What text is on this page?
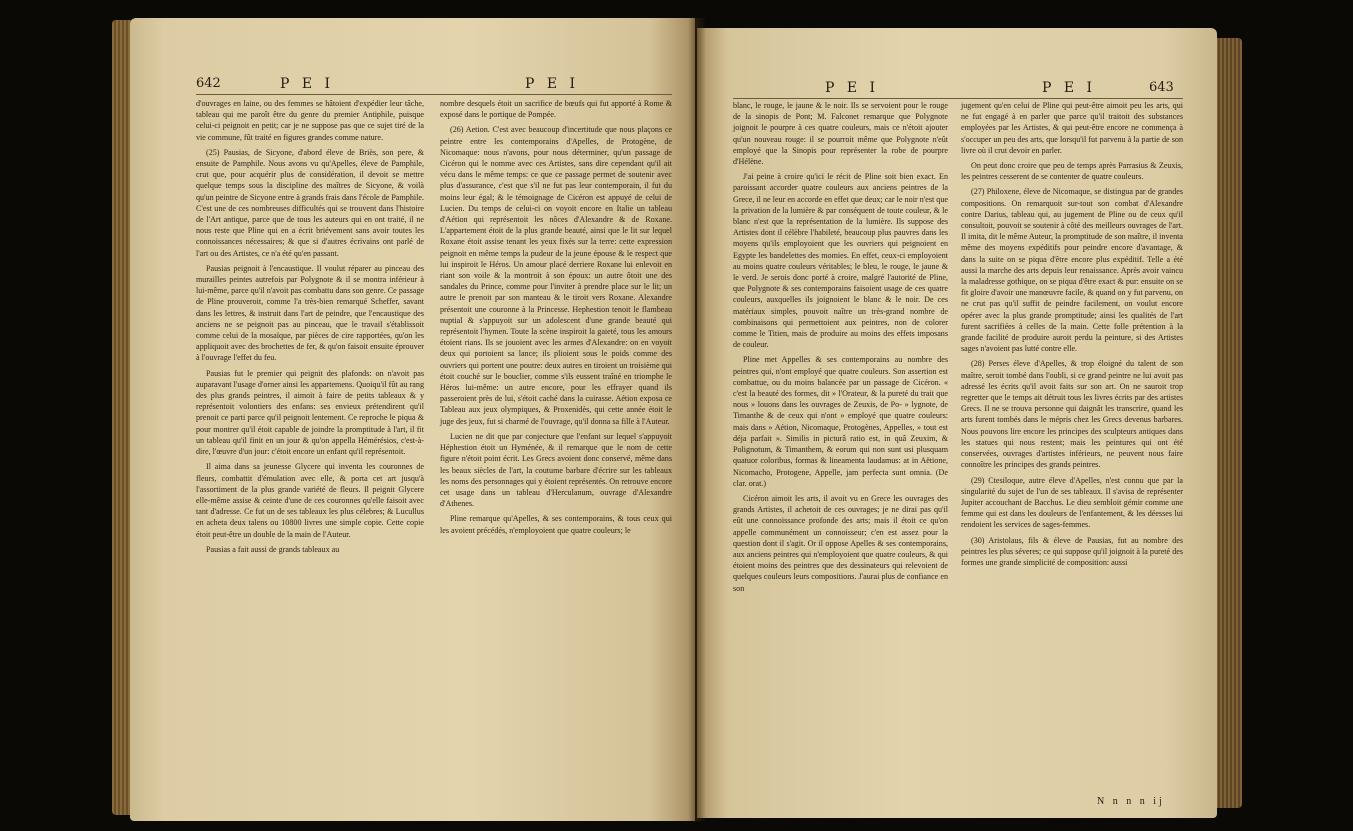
642	P E I	P E I

d'ouvrages en laine, ou des femmes se hâtoient d'expédier leur tâche, tableau qui me paroît être du genre du premier Antiphile, puisque celui-ci peignoit en petit; car je ne suppose pas que ce sujet tiré de la vie commune, fût traité en figures grandes comme nature.

(25) Pausias, de Sicyone, d'abord éleve de Briès, son pere, & ensuite de Pamphile. Nous avons vu qu'Apelles, éleve de Pamphile, crut que, pour acquérir plus de considération, il devoit se mettre quelque temps sous la discipline des maîtres de Sicyone, & voilà qu'un peintre de Sicyone entre à grands frais dans l'école de Pamphile. C'est une de ces nombreuses difficultés qui se trouvent dans l'histoire de l'Art antique, parce que de tous les auteurs qui en ont traité, il ne nous reste que Pline qui en a écrit briévement sans avoir toutes les connoissances nécessaires; & que si d'autres écrivains ont parlé de l'art ou des Artistes, ce n'a été qu'en passant.

Pausias peignoit à l'encaustique. Il voulut réparer au pinceau des murailles peintes autrefois par Polygnote & il se montra inférieur à lui-même, parce qu'il n'avoit pas combattu dans son genre. Ce passage de Pline prouveroit, comme l'a très-bien remarqué Scheffer, savant dans les lettres, & instruit dans l'art de peindre, que l'encaustique des anciens ne se peignoit pas au pinceau, que le travail s'établissoit comme celui de la mosaïque, par pièces de cire rapportées, qu'on les appliquoit avec des brochettes de fer, & qu'on faisoit ensuite éprouver à l'ouvrage l'effet du feu.

Pausias fut le premier qui peignit des plafonds: on n'avoit pas auparavant l'usage d'orner ainsi les appartemens. Quoiqu'il fût au rang des plus grands peintres, il aimoit à faire de petits tableaux & y représentoit volontiers des enfans: ses envieux prétendirent qu'il prenoit ce parti parce qu'il peignoit lentement. Ce reproche le piqua & pour montrer qu'il étoit capable de joindre la promptitude à l'art, il fit un tableau qu'il finit en un jour & qu'on appella Hémérésios, c'est-à-dire, l'œuvre d'un jour: c'étoit encore un enfant qu'il représentoit.

Il aima dans sa jeunesse Glycere qui inventa les couronnes de fleurs, combattit d'émulation avec elle, & porta cet art jusqu'à l'assortiment de la plus grande variété de fleurs. Il peignit Glycere elle-même assise & ceinte d'une de ces couronnes qu'elle faisoit avec tant d'adresse. Ce fut un de ses tableaux les plus célebres; & Lucullus en acheta deux talens ou 10800 livres une simple copie. Cette copie étoit peut-être un double de la main de l'Auteur.

Pausias a fait aussi de grands tableaux au

nombre desquels étoit un sacrifice de bœufs qui fut apporté à Rome & exposé dans le portique de Pompée.

(26) Aetion. C'est avec beaucoup d'incertitude que nous plaçons ce peintre entre les contemporains d'Apelles, de Protogène, de Nicomaque: nous n'avons, pour nous déterminer, qu'un passage de Cicéron qui le nomme avec ces Artistes, sans dire cependant qu'il ait vécu dans le même temps: ce que ce passage permet de soutenir avec plus d'assurance, c'est que s'il ne fut pas leur contemporain, il fut du moins leur égal; & le témoignage de Cicéron est appuyé de celui de Lucien. Du temps de celui-ci on voyoit encore en Italie un tableau d'Aétion qui représentoit les nôces d'Alexandre & de Roxane. L'appartement étoit de la plus grande beauté, ainsi que le lit sur lequel Roxane étoit assise tenant les yeux fixés sur la terre: cette expression peignoit en même temps la pudeur de la jeune épouse & le respect que lui inspiroit le Héros. Un amour placé derriere Roxane lui enlevoit en riant son voile & la montroit à son époux: un autre ôtoit une des sandales du Prince, comme pour l'inviter à prendre place sur le lit; un autre le prenoit par son manteau & le tiroit vers Roxane. Alexandre présentoit une couronne à la Princesse. Hephestion tenoit le flambeau nuptial & s'appuyoit sur un adolescent d'une grande beauté qui représentoit l'hymen. Toute la scène inspiroit la gaieté, tous les amours étoient rians. Ils se jouoient avec les armes d'Alexandre: on en voyoit deux qui portoient sa lance; ils plioient sous le poids comme des ouvriers qui portent une poutre: deux autres en tiroient un troisième qui étoit couché sur le bouclier, comme s'ils eussent traîné en triomphe le Héros lui-même: un autre encore, pour les effrayer quand ils passeroient près de lui, s'étoit caché dans la cuirasse. Aétion exposa ce Tableau aux jeux olympiques, & Proxenidès, qui cette année étoit le juge des jeux, fut si charmé de l'ouvrage, qu'il donna sa fille à l'Auteur.

Lucien ne dit que par conjecture que l'enfant sur lequel s'appuyoit Héphestion étoit un Hyménée, & il remarque que le nom de cette figure n'étoit point écrit. Les Grecs avoient donc conservé, même dans les beaux siècles de l'art, la coutume barbare d'écrire sur les tableaux les noms des personnages qui y étoient représentés. On retrouve encore cet usage dans un tableau d'Herculanum, ouvrage d'Alexandre d'Athenes.

Pline remarque qu'Apelles, & ses contemporains, & tous ceux qui les avoient précédés, n'employoient que quatre couleurs; le

P E I	P E I	643

blanc, le rouge, le jaune & le noir. Ils se servoient pour le rouge de la sinopis de Pont; M. Falconet remarque que Polygnote joignoit le pourpre à ces quatre couleurs, mais ce n'étoit ajouter qu'un nouveau rouge: il se pourroit même que Polygnote n'eût employé que la Sinopis pour représenter la robe de pourpre d'Hélène.

J'ai peine à croire qu'ici le récit de Pline soit bien exact. En paroissant accorder quatre couleurs aux anciens peintres de la Grece, il ne leur en accorde en effet que deux; car le noir n'est que la privation de la lumière & par conséquent de toute couleur, & le blanc n'est que la représentation de la lumière. Ils suppose des Artistes dont il célèbre l'habileté, beaucoup plus pauvres dans les moyens qu'ils employoient que les ouvriers qui peignoient en Egypte les bandelettes des momies. En effet, ceux-ci employoient au moins quatre couleurs véritables; le bleu, le rouge, le jaune & le verd. Je serois donc porté à croire, malgré l'autorité de Pline, que Polygnote & ses contemporains faisoient usage de ces quatre couleurs, auxquelles ils joignoient le blanc & le noir. De ces matériaux simples, pouvoit naître un très-grand nombre de combinaisons qui permettoient aux peintres, non de colorer comme le Titien, mais de produire au moins des effets imposans de couleur.

Pline met Appelles & ses contemporains au nombre des peintres qui, n'ont employé que quatre couleurs. Son assertion est combattue, ou du moins balancée par un passage de Cicéron. « c'est la beauté des formes, dit » l'Orateur, & la pureté du trait que nous » louons dans les ouvrages de Zeuxis, de Po- » lygnote, de Timanthe & de ceux qui n'ont » employé que quatre couleurs: mais dans » Aétion, Nicomaque, Protogènes, Appelles, » tout est déja parfait ». Similis in picturâ ratio est, in quâ Zeuxim, & Polignotum, & Timanthem, & eorum qui non sunt usi plusquam quatuor coloribus, formas & lineamenta laudamus: at in Aëtione, Nicomacho, Protogene, Appelle, jam perfecta sunt omnia. (De clar. orat.)

Cicéron aimoit les arts, il avoit vu en Grece les ouvrages des grands Artistes, il achetoit de ces ouvrages; je ne dirai pas qu'il eût une connoissance profonde des arts; mais il étoit ce qu'on appelle communément un connoisseur; c'en est assez pour la question dont il s'agit. Or il oppose Apelles & ses contemporains, aux anciens peintres qui n'employoient que quatre couleurs, & qui étoient moins des peintres que des dessinateurs qui relevoient de quelques couleurs leurs compositions. J'aurai plus de confiance en son

jugement qu'en celui de Pline qui peut-être aimoit peu les arts, qui ne fut engagé à en parler que parce qu'il traitoit des substances employées par les Artistes, & qui peut-être encore ne commença à s'occuper un peu des arts, que lorsqu'il fut parvenu à la partie de son livre où il crut devoir en parler.

On peut donc croire que peu de temps après Parrasius & Zeuxis, les peintres cesserent de se contenter de quatre couleurs.

(27) Philoxene, éleve de Nicomaque, se distingua par de grandes compositions. On remarquoit sur-tout son combat d'Alexandre contre Darius, tableau qui, au jugement de Pline ou de ceux qu'il consultoit, pouvoit se soutenir à côté des meilleurs ouvrages de l'art. Il imita, dit le même Auteur, la promptitude de son maître, il inventa même des moyens expéditifs pour peindre encore d'avantage, & dans la suite on se piqua d'être encore plus expéditif. Telle a été aussi la marche des arts depuis leur renaissance. Après avoir vaincu la maladresse gothique, on se piqua d'être exact & pur: ensuite on se fit gloire d'avoir une manœuvre facile, & quand on y fut parvenu, on ne crut pas qu'il suffit de peindre facilement, on voulut encore opérer avec la plus grande promptitude; ainsi les qualités de l'art furent sacrifiées à celles de la main. Cette folle prétention à la grande facilité de produire auroit perdu la peinture, si des Artistes sages n'avoient pas lutté contre elle.

(28) Perses éleve d'Apelles, & trop éloigné du talent de son maître, seroit tombé dans l'oubli, si ce grand peintre ne lui avoit pas adressé les écrits qu'il avoit faits sur son art. On ne sauroit trop regretter que le temps ait détruit tous les livres écrits par des artistes Grecs. Il ne se trouva personne qui daignât les transcrire, quand les arts furent tombés dans le mépris chez les Grecs devenus barbares. Nous pouvons lire encore les principes des sculpteurs antiques dans les statues qui nous restent; mais les peintures qui ont été conservées, ouvrages d'artistes inférieurs, ne peuvent nous faire connoître les principes des grands peintres.

(29) Ctesiloque, autre éleve d'Apelles, n'est connu que par la singularité du sujet de l'un de ses tableaux. Il s'avisa de représenter Jupiter accouchant de Bacchus. Le dieu sembloit gémir comme une femme qui est dans les douleurs de l'enfantement, & les déesses lui rendoient les services de sages-femmes.

(30) Aristolaus, fils & éleve de Pausias, fut au nombre des peintres les plus séveres; ce qui suppose qu'il joignoit à la pureté des formes une grande simplicité de composition: aussi

N n n n ij
